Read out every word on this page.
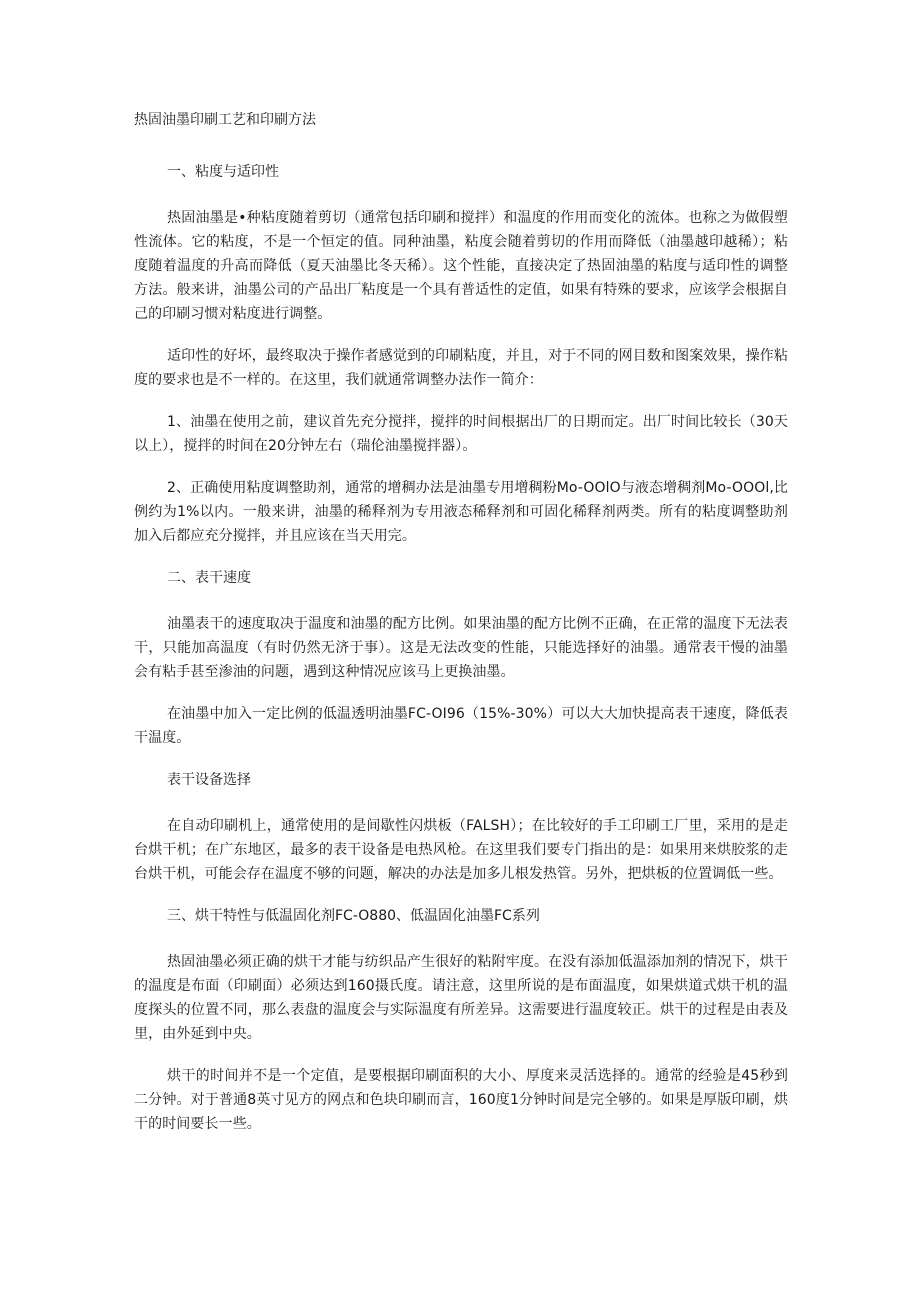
热固油墨印刷工艺和印刷方法
一、粘度与适印性

热固油墨是•种粘度随着剪切（通常包括印刷和搅拌）和温度的作用而变化的流体。也称之为做假塑性流体。它的粘度，不是一个恒定的值。同种油墨，粘度会随着剪切的作用而降低（油墨越印越稀）；粘度随着温度的升高而降低（夏天油墨比冬天稀）。这个性能，直接决定了热固油墨的粘度与适印性的调整方法。般来讲，油墨公司的产品出厂粘度是一个具有普适性的定值，如果有特殊的要求，应该学会根据自己的印刷习惯对粘度进行调整。

适印性的好坏，最终取决于操作者感觉到的印刷粘度，并且，对于不同的网目数和图案效果，操作粘度的要求也是不一样的。在这里，我们就通常调整办法作一简介：

1、油墨在使用之前，建议首先充分搅拌，搅拌的时间根据出厂的日期而定。出厂时间比较长（30天以上），搅拌的时间在20分钟左右（瑞伦油墨搅拌器）。

2、正确使用粘度调整助剂，通常的增稠办法是油墨专用增稠粉Mo-OOlO与液态增稠剂Mo-OOOl,比例约为1%以内。一般来讲，油墨的稀释剂为专用液态稀释剂和可固化稀释剂两类。所有的粘度调整助剂加入后都应充分搅拌，并且应该在当天用完。

二、表干速度

油墨表干的速度取决于温度和油墨的配方比例。如果油墨的配方比例不正确，在正常的温度下无法表干，只能加高温度（有时仍然无济于事）。这是无法改变的性能，只能选择好的油墨。通常表干慢的油墨会有粘手甚至渗油的问题，遇到这种情况应该马上更换油墨。

在油墨中加入一定比例的低温透明油墨FC-OI96（15%-30%）可以大大加快提高表干速度，降低表干温度。

表干设备选择

在自动印刷机上，通常使用的是间歇性闪烘板（FALSH）；在比较好的手工印刷工厂里，采用的是走台烘干机；在广东地区，最多的表干设备是电热风枪。在这里我们要专门指出的是：如果用来烘胶浆的走台烘干机，可能会存在温度不够的问题，解决的办法是加多儿根发热管。另外，把烘板的位置调低一些。

三、烘干特性与低温固化剂FC-O880、低温固化油墨FC系列

热固油墨必须正确的烘干才能与纺织品产生很好的粘附牢度。在没有添加低温添加剂的情况下，烘干的温度是布面（印刷面）必须达到160摄氏度。请注意，这里所说的是布面温度，如果烘道式烘干机的温度探头的位置不同，那么表盘的温度会与实际温度有所差异。这需要进行温度较正。烘干的过程是由表及里，由外延到中央。

烘干的时间并不是一个定值，是要根据印刷面积的大小、厚度来灵活选择的。通常的经验是45秒到二分钟。对于普通8英寸见方的网点和色块印刷而言，160度1分钟时间是完全够的。如果是厚版印刷，烘干的时间要长一些。
